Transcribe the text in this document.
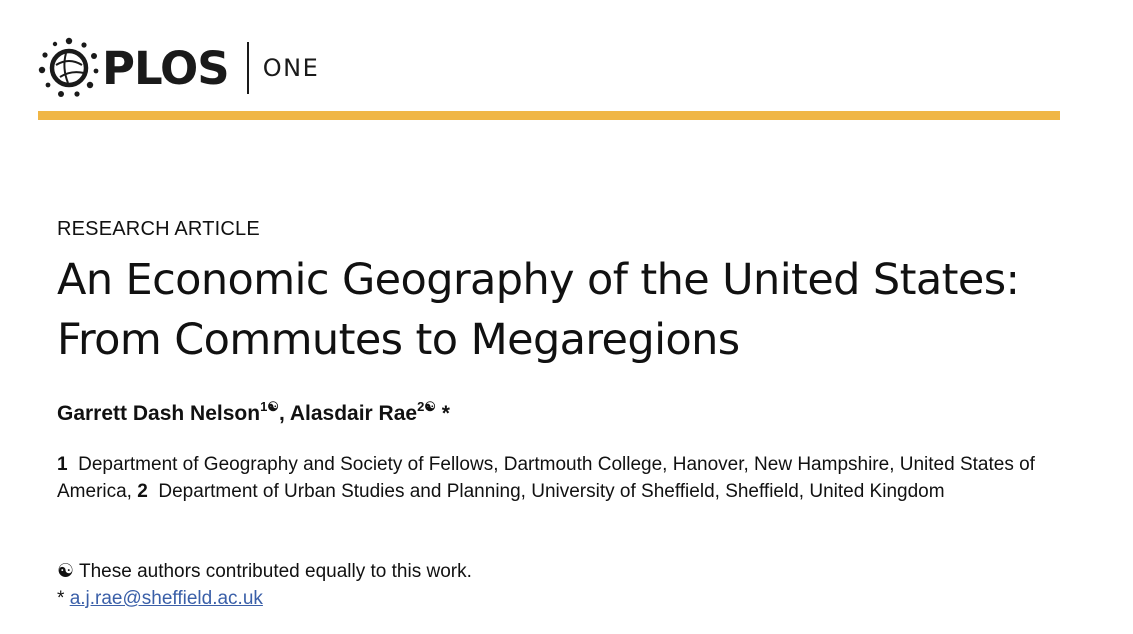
PLOS ONE
RESEARCH ARTICLE
An Economic Geography of the United States:
From Commutes to Megaregions
Garrett Dash Nelson$^{1☯}$, Alasdair Rae$^{2☯}$ *
1 Department of Geography and Society of Fellows, Dartmouth College, Hanover, New Hampshire, United States of America, 2 Department of Urban Studies and Planning, University of Sheffield, Sheffield, United Kingdom
☯ These authors contributed equally to this work.
* a.j.rae@sheffield.ac.uk
